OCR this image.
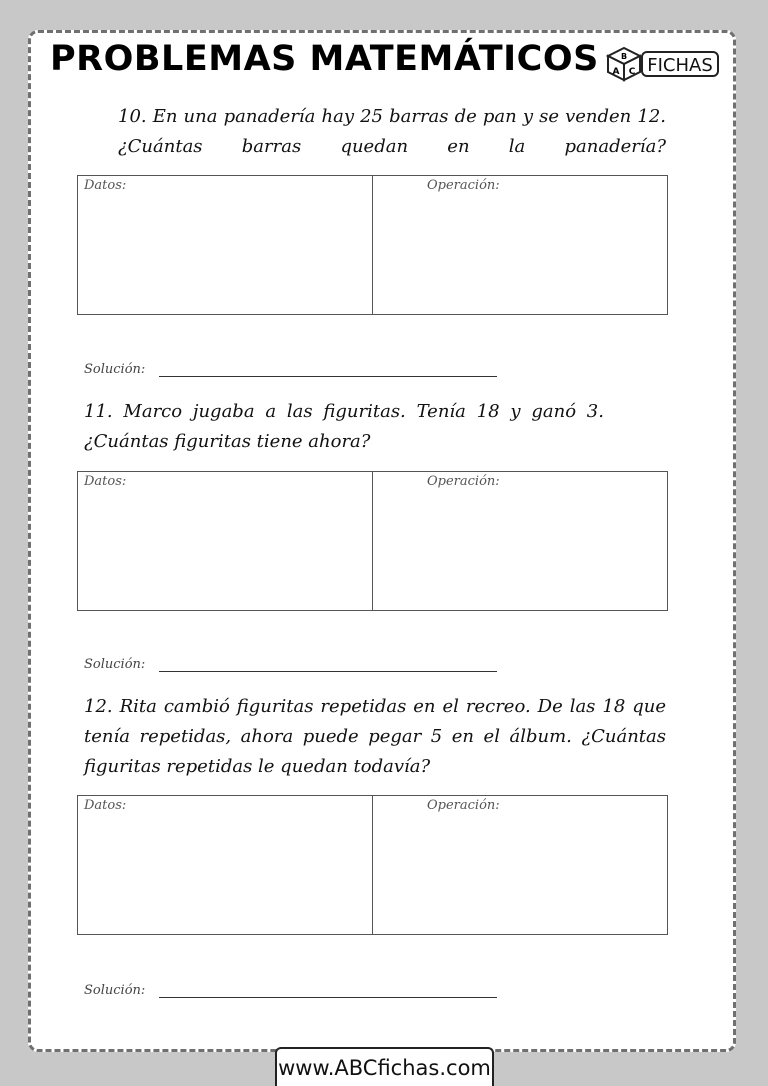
PROBLEMAS MATEMÁTICOS	B
A C FICHAS

10. En una panadería hay 25 barras de pan y se venden 12. ¿Cuántas barras quedan en la panadería?

Datos:	Operación:
Solución:

11. Marco jugaba a las figuritas. Tenía 18 y ganó 3. ¿Cuántas figuritas tiene ahora?

Datos:	Operación:
Solución:

12. Rita cambió figuritas repetidas en el recreo. De las 18 que tenía repetidas, ahora puede pegar 5 en el álbum. ¿Cuántas figuritas repetidas le quedan todavía?

Datos:	Operación:
Solución:
www.ABCfichas.com
